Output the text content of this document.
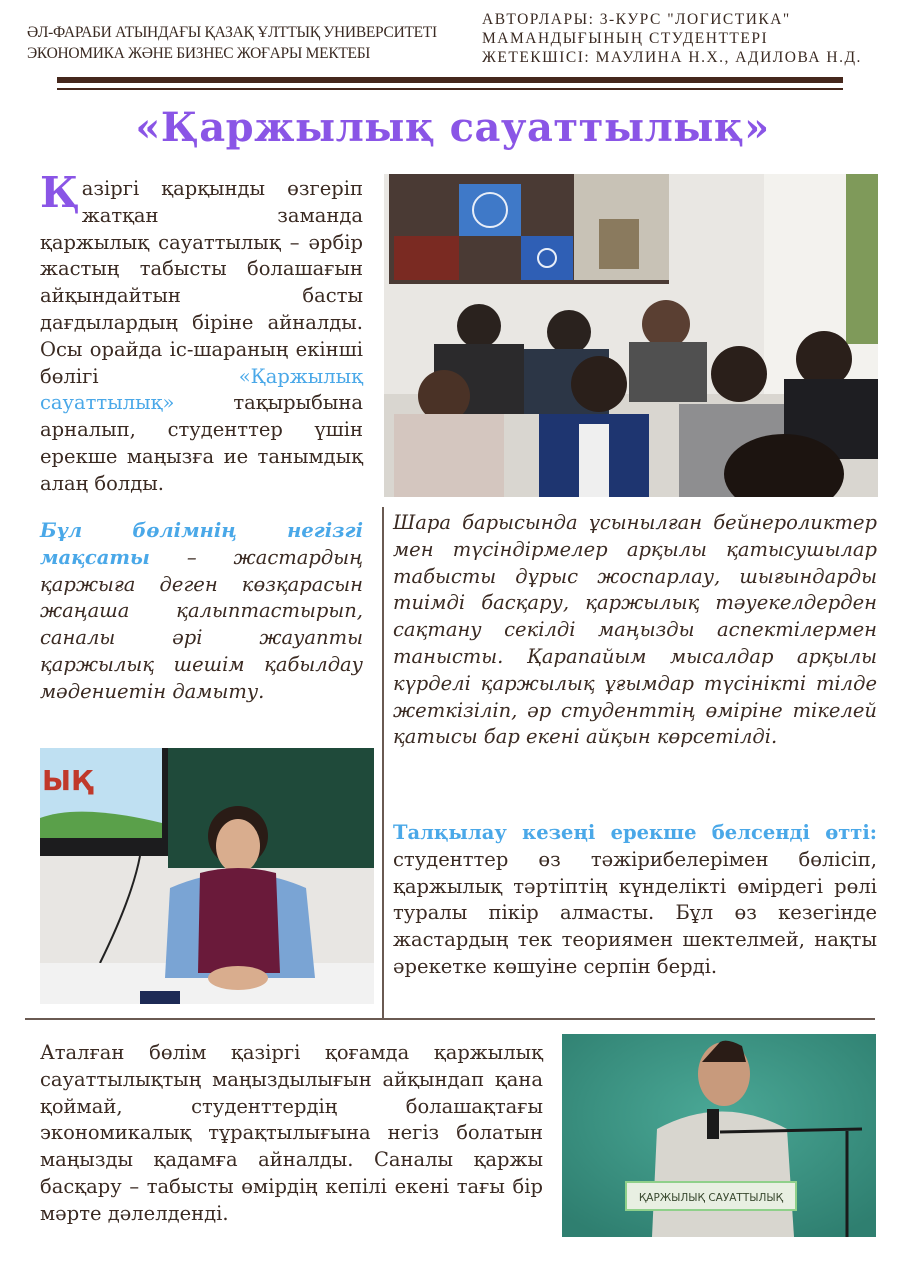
ӘЛ-ФАРАБИ АТЫНДАҒЫ ҚАЗАҚ ҰЛТТЫҚ УНИВЕРСИТЕТІ
ЭКОНОМИКА ЖӘНЕ БИЗНЕС ЖОҒАРЫ МЕКТЕБІ
АВТОРЛАРЫ: 3-КУРС "ЛОГИСТИКА"
МАМАНДЫҒЫНЫҢ СТУДЕНТТЕРІ
ЖЕТЕКШІСІ: МАУЛИНА Н.Х., АДИЛОВА Н.Д.
«Қаржылық сауаттылық»

Қазіргі қарқынды өзгеріп жатқан заманда қаржылық сауаттылық – әрбір жастың табысты болашағын айқындайтын басты дағдылардың біріне айналды. Осы орайда іс-шараның екінші бөлігі «Қаржылық сауаттылық» тақырыбына арналып, студенттер үшін ерекше маңызға ие танымдық алаң болды.

Бұл бөлімнің негізгі мақсаты – жастардың қаржыға деген көзқарасын жаңаша қалыптастырып, саналы әрі жауапты қаржылық шешім қабылдау мәдениетін дамыту.

Шара барысында ұсынылған бейнероликтер мен түсіндірмелер арқылы қатысушылар табысты дұрыс жоспарлау, шығындарды тиімді басқару, қаржылық тәуекелдерден сақтану секілді маңызды аспектілермен танысты. Қарапайым мысалдар арқылы күрделі қаржылық ұғымдар түсінікті тілде жеткізіліп, әр студенттің өміріне тікелей қатысы бар екені айқын көрсетілді.

Талқылау кезеңі ерекше белсенді өтті: студенттер өз тәжірибелерімен бөлісіп, қаржылық тәртіптің күнделікті өмірдегі рөлі туралы пікір алмасты. Бұл өз кезегінде жастардың тек теориямен шектелмей, нақты әрекетке көшуіне серпін берді.

ЫҚ

Аталған бөлім қазіргі қоғамда қаржылық сауаттылықтың маңыздылығын айқындап қана қоймай, студенттердің болашақтағы экономикалық тұрақтылығына негіз болатын маңызды қадамға айналды. Саналы қаржы басқару – табысты өмірдің кепілі екені тағы бір мәрте дәлелденді.

ҚАРЖЫЛЫҚ САУАТТЫЛЫҚ
